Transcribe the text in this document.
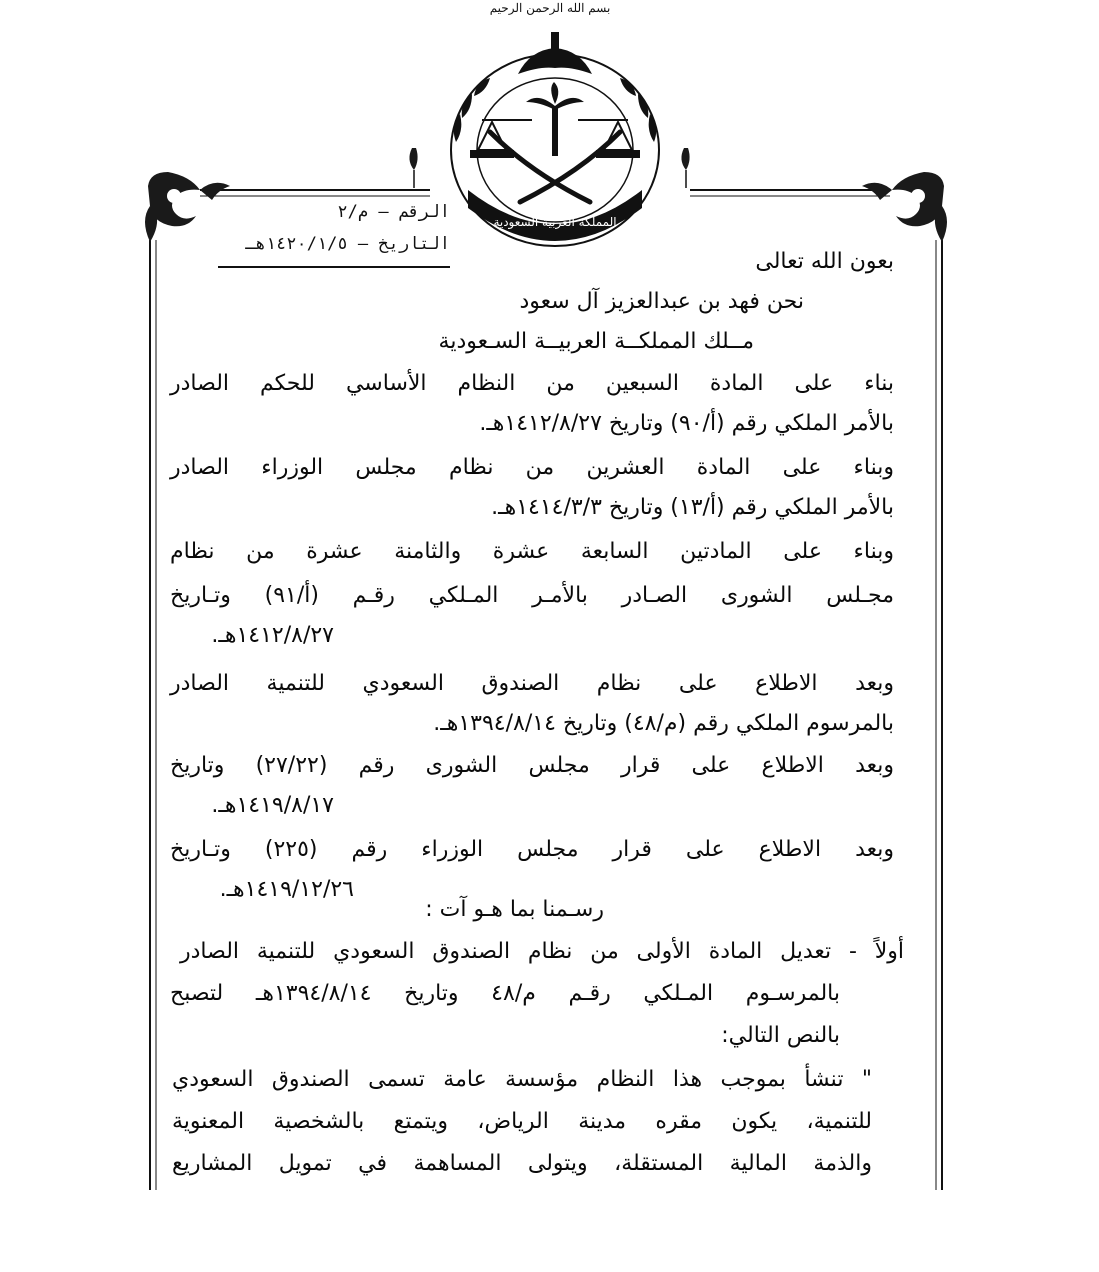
بسم الله الرحمن الرحيم
المملكة العربية السعودية
الرقم – م/٢
التاريخ – ١٤٢٠/١/٥هـ
بعون الله تعالى
نحن فهد بن عبدالعزيز آل سعود
مــلك المملكــة العربيــة السـعودية
بناء على المادة السبعين من النظام الأساسي للحكم الصادر
بالأمر الملكي رقم (أ/٩٠) وتاريخ ١٤١٢/٨/٢٧هـ.
وبناء على المادة العشرين من نظام مجلس الوزراء الصادر
بالأمر الملكي رقم (أ/١٣) وتاريخ ١٤١٤/٣/٣هـ.
وبناء على المادتين السابعة عشرة والثامنة عشرة من نظام
مجـلس الشورى الصـادر بالأمـر المـلكي رقـم (أ/٩١) وتـاريخ
١٤١٢/٨/٢٧هـ.
وبعد الاطلاع على نظام الصندوق السعودي للتنمية الصادر
بالمرسوم الملكي رقم (م/٤٨) وتاريخ ١٣٩٤/٨/١٤هـ.
وبعد الاطلاع على قرار مجلس الشورى رقم (٢٧/٢٢) وتاريخ
١٤١٩/٨/١٧هـ.
وبعد الاطلاع على قرار مجلس الوزراء رقم (٢٢٥) وتـاريخ
١٤١٩/١٢/٢٦هـ.
رسـمنا بما هـو آت :
أولاً - تعديل المادة الأولى من نظام الصندوق السعودي للتنمية الصادر
بالمرسـوم المـلكي رقـم م/٤٨ وتاريخ ١٣٩٤/٨/١٤هـ لتصبح
بالنص التالي:
" تنشأ بموجب هذا النظام مؤسسة عامة تسمى الصندوق السعودي
للتنمية، يكون مقره مدينة الرياض، ويتمتع بالشخصية المعنوية
والذمة المالية المستقلة، ويتولى المساهمة في تمويل المشاريع
